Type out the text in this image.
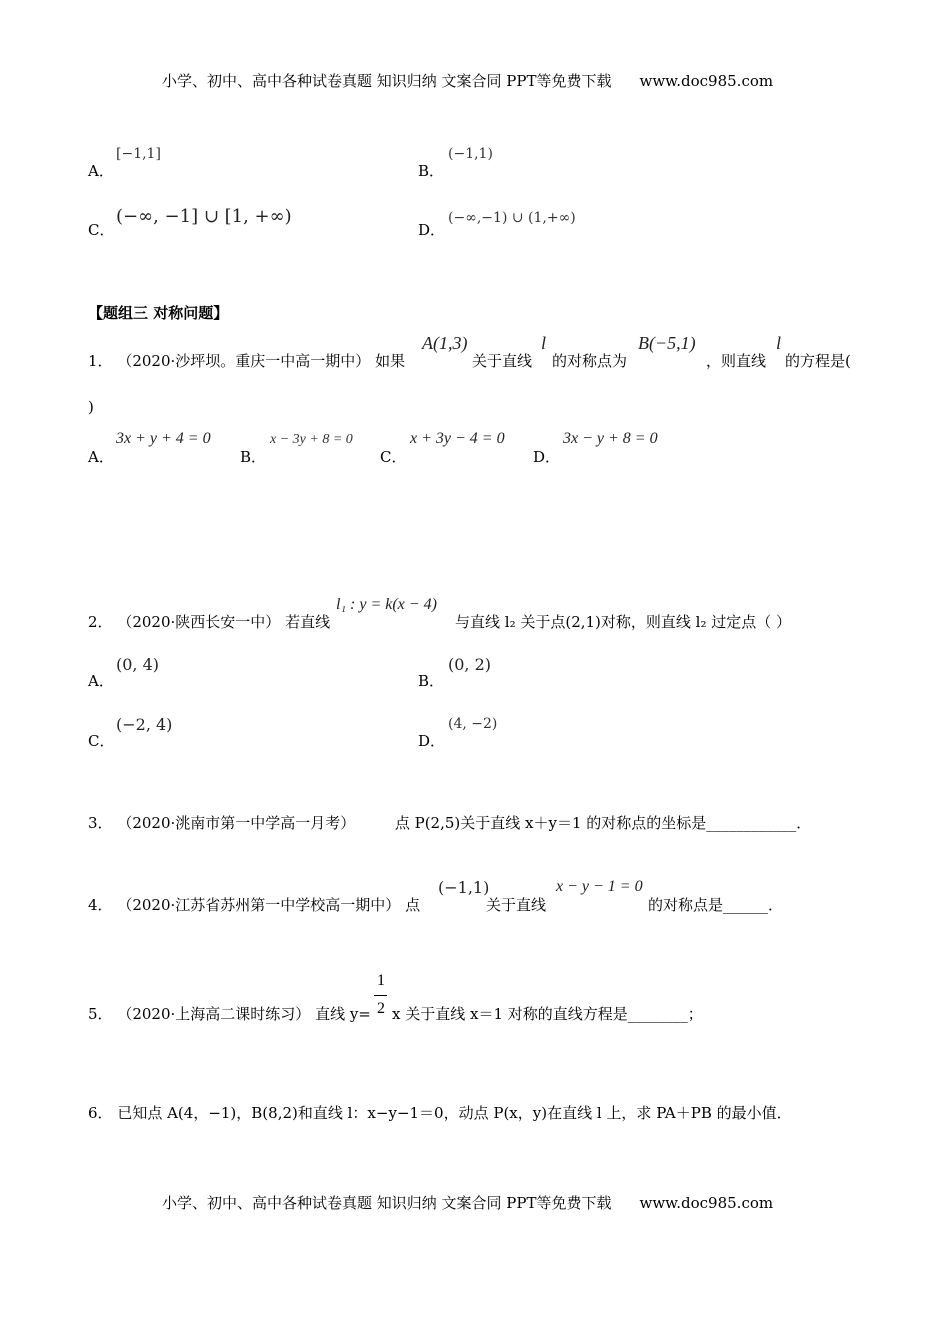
小学、初中、高中各种试卷真题 知识归纳 文案合同 PPT等免费下载 www.doc985.com
A．
[−1,1]
B．
(−1,1)
C．
(−∞, −1] ∪ [1, +∞)
D．
(−∞,−1) ∪ (1,+∞)
【题组三 对称问题】
1． （2020·沙坪坝。重庆一中高一期中） 如果
A(1,3)
关于直线
l
的对称点为
B(−5,1)
，则直线
l
的方程是(
)
A．
3x + y + 4 = 0
B．
x − 3y + 8 = 0
C．
x + 3y − 4 = 0
D．
3x − y + 8 = 0
2． （2020·陕西长安一中） 若直线
l₁ : y = k(x − 4)
与直线 l₂ 关于点(2,1)对称，则直线 l₂ 过定点（ ）
A．
(0, 4)
B．
(0, 2)
C．
(−2, 4)
D．
(4, −2)
3． （2020·洮南市第一中学高一月考）	点 P(2,5)关于直线 x＋y＝1 的对称点的坐标是____________．
4． （2020·江苏省苏州第一中学校高一期中） 点
(−1,1)
关于直线
x − y − 1 = 0
的对称点是______．
5． （2020·上海高二课时练习） 直线 y=
1
2 x 关于直线 x＝1 对称的直线方程是________；
6． 已知点 A(4，−1)，B(8,2)和直线 l：x−y−1＝0，动点 P(x，y)在直线 l 上，求 PA＋PB 的最小值．
小学、初中、高中各种试卷真题 知识归纳 文案合同 PPT等免费下载 www.doc985.com
